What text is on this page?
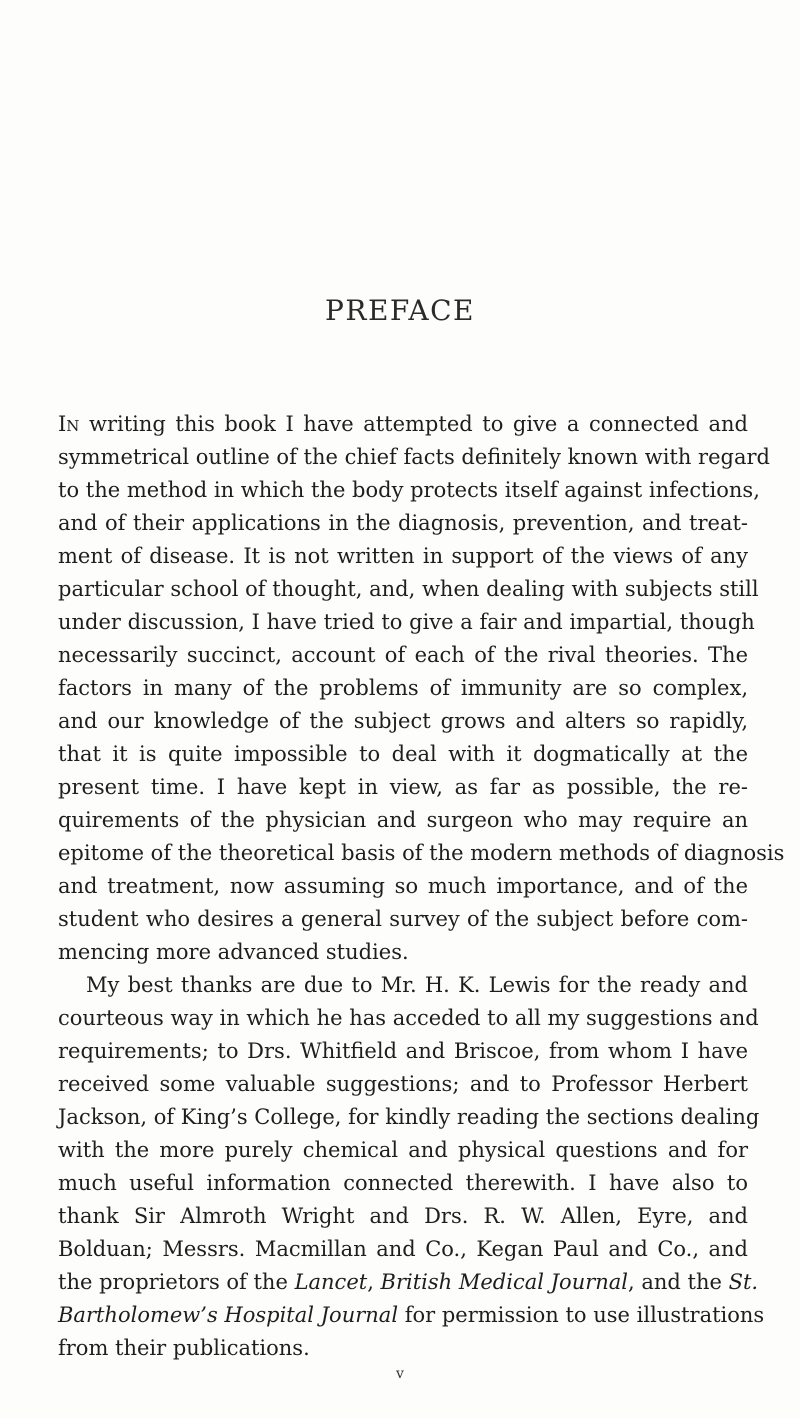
PREFACE
In writing this book I have attempted to give a connected and
symmetrical outline of the chief facts definitely known with regard
to the method in which the body protects itself against infections,
and of their applications in the diagnosis, prevention, and treat-
ment of disease. It is not written in support of the views of any
particular school of thought, and, when dealing with subjects still
under discussion, I have tried to give a fair and impartial, though
necessarily succinct, account of each of the rival theories. The
factors in many of the problems of immunity are so complex,
and our knowledge of the subject grows and alters so rapidly,
that it is quite impossible to deal with it dogmatically at the
present time. I have kept in view, as far as possible, the re-
quirements of the physician and surgeon who may require an
epitome of the theoretical basis of the modern methods of diagnosis
and treatment, now assuming so much importance, and of the
student who desires a general survey of the subject before com-
mencing more advanced studies.
My best thanks are due to Mr. H. K. Lewis for the ready and
courteous way in which he has acceded to all my suggestions and
requirements; to Drs. Whitfield and Briscoe, from whom I have
received some valuable suggestions; and to Professor Herbert
Jackson, of King’s College, for kindly reading the sections dealing
with the more purely chemical and physical questions and for
much useful information connected therewith. I have also to
thank Sir Almroth Wright and Drs. R. W. Allen, Eyre, and
Bolduan; Messrs. Macmillan and Co., Kegan Paul and Co., and
the proprietors of the Lancet, British Medical Journal, and the St.
Bartholomew’s Hospital Journal for permission to use illustrations
from their publications.
v
